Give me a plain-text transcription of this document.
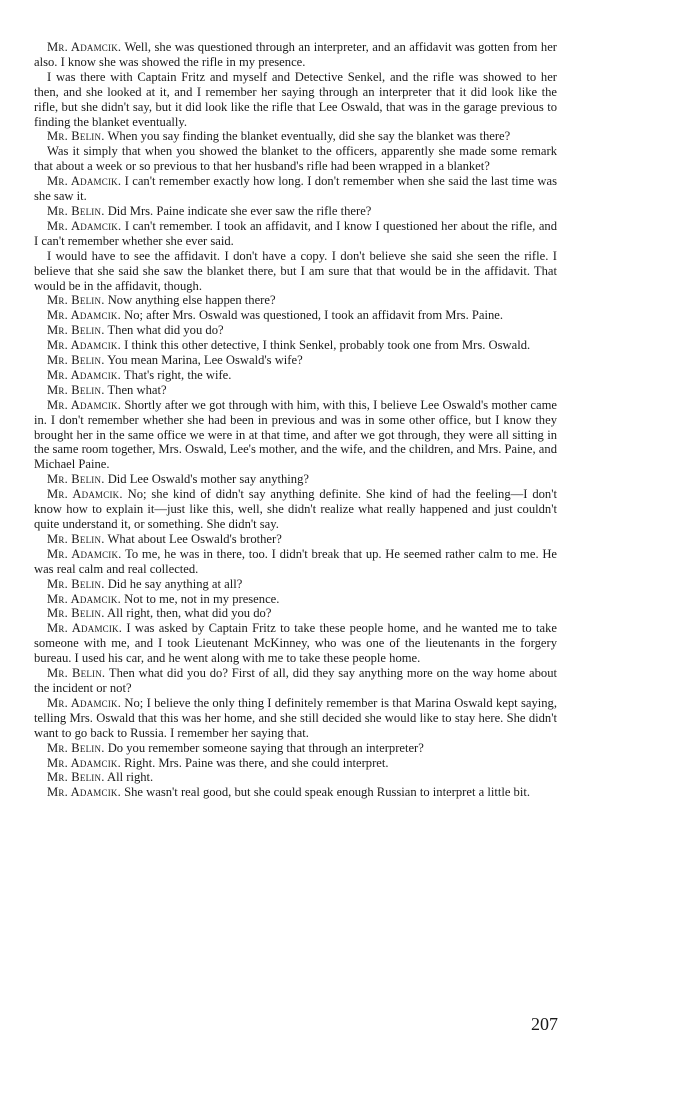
Mr. Adamcik. Well, she was questioned through an interpreter, and an affidavit was gotten from her also. I know she was showed the rifle in my presence.

I was there with Captain Fritz and myself and Detective Senkel, and the rifle was showed to her then, and she looked at it, and I remember her saying through an interpreter that it did look like the rifle, but she didn't say, but it did look like the rifle that Lee Oswald, that was in the garage previous to finding the blanket eventually.

Mr. Belin. When you say finding the blanket eventually, did she say the blanket was there?

Was it simply that when you showed the blanket to the officers, apparently she made some remark that about a week or so previous to that her husband's rifle had been wrapped in a blanket?

Mr. Adamcik. I can't remember exactly how long. I don't remember when she said the last time was she saw it.

Mr. Belin. Did Mrs. Paine indicate she ever saw the rifle there?

Mr. Adamcik. I can't remember. I took an affidavit, and I know I questioned her about the rifle, and I can't remember whether she ever said.

I would have to see the affidavit. I don't have a copy. I don't believe she said she seen the rifle. I believe that she said she saw the blanket there, but I am sure that that would be in the affidavit. That would be in the affidavit, though.

Mr. Belin. Now anything else happen there?

Mr. Adamcik. No; after Mrs. Oswald was questioned, I took an affidavit from Mrs. Paine.

Mr. Belin. Then what did you do?

Mr. Adamcik. I think this other detective, I think Senkel, probably took one from Mrs. Oswald.

Mr. Belin. You mean Marina, Lee Oswald's wife?

Mr. Adamcik. That's right, the wife.

Mr. Belin. Then what?

Mr. Adamcik. Shortly after we got through with him, with this, I believe Lee Oswald's mother came in. I don't remember whether she had been in previous and was in some other office, but I know they brought her in the same office we were in at that time, and after we got through, they were all sitting in the same room together, Mrs. Oswald, Lee's mother, and the wife, and the children, and Mrs. Paine, and Michael Paine.

Mr. Belin. Did Lee Oswald's mother say anything?

Mr. Adamcik. No; she kind of didn't say anything definite. She kind of had the feeling—I don't know how to explain it—just like this, well, she didn't realize what really happened and just couldn't quite understand it, or something. She didn't say.

Mr. Belin. What about Lee Oswald's brother?

Mr. Adamcik. To me, he was in there, too. I didn't break that up. He seemed rather calm to me. He was real calm and real collected.

Mr. Belin. Did he say anything at all?

Mr. Adamcik. Not to me, not in my presence.

Mr. Belin. All right, then, what did you do?

Mr. Adamcik. I was asked by Captain Fritz to take these people home, and he wanted me to take someone with me, and I took Lieutenant McKinney, who was one of the lieutenants in the forgery bureau. I used his car, and he went along with me to take these people home.

Mr. Belin. Then what did you do? First of all, did they say anything more on the way home about the incident or not?

Mr. Adamcik. No; I believe the only thing I definitely remember is that Marina Oswald kept saying, telling Mrs. Oswald that this was her home, and she still decided she would like to stay here. She didn't want to go back to Russia. I remember her saying that.

Mr. Belin. Do you remember someone saying that through an interpreter?

Mr. Adamcik. Right. Mrs. Paine was there, and she could interpret.

Mr. Belin. All right.

Mr. Adamcik. She wasn't real good, but she could speak enough Russian to interpret a little bit.

207
